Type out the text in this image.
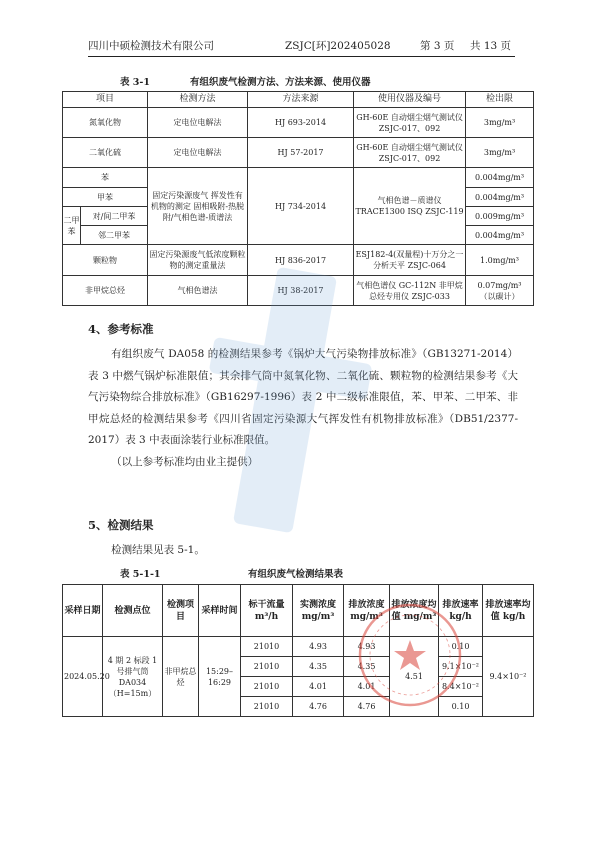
四川中硕检测技术有限公司	ZSJC[环]202405028	第 3 页 共 13 页
表 3-1	有组织废气检测方法、方法来源、使用仪器
项目		检测方法	方法来源	使用仪器及编号	检出限
氮氧化物		定电位电解法	HJ 693-2014	GH-60E 自动烟尘烟气测试仪 ZSJC-017、092	3mg/m³
二氧化硫		定电位电解法	HJ 57-2017	GH-60E 自动烟尘烟气测试仪 ZSJC-017、092	3mg/m³
苯		固定污染源废气 挥发性有机物的测定 固相吸附-热脱附/气相色谱-质谱法	HJ 734-2014	气相色谱－质谱仪 TRACE1300 ISQ ZSJC-119	0.004mg/m³
甲苯					0.004mg/m³
二甲苯	对/间二甲苯				0.009mg/m³
	邻二甲苯				0.004mg/m³
颗粒物		固定污染源废气低浓度颗粒物的测定重量法	HJ 836-2017	ESJ182-4(双量程)十万分之一分析天平 ZSJC-064	1.0mg/m³
非甲烷总烃		气相色谱法	HJ 38-2017	气相色谱仪 GC-112N 非甲烷总烃专用仪 ZSJC-033	0.07mg/m³
（以碳计）
4、参考标准

有组织废气 DA058 的检测结果参考《锅炉大气污染物排放标准》（GB13271-2014）表 3 中燃气锅炉标准限值；其余排气筒中氮氧化物、二氧化硫、颗粒物的检测结果参考《大气污染物综合排放标准》（GB16297-1996）表 2 中二级标准限值，苯、甲苯、二甲苯、非甲烷总烃的检测结果参考《四川省固定污染源大气挥发性有机物排放标准》（DB51/2377-2017）表 3 中表面涂装行业标准限值。

（以上参考标准均由业主提供）

5、检测结果

检测结果见表 5-1。

表 5-1-1	有组织废气检测结果表
采样日期	检测点位	检测项目	采样时间	标干流量 m³/h	实测浓度 mg/m³	排放浓度 mg/m³	排放浓度均值 mg/m³	排放速率 kg/h	排放速率均值 kg/h
2024.05.20	4 期 2 标段 1 号排气筒 DA034（H=15m）	非甲烷总烃	15:29–16:29	21010	4.93	4.93	4.51	0.10	9.4×10⁻²
				21010	4.35	4.35		9.1×10⁻²	
				21010	4.01	4.01		8.4×10⁻²	
				21010	4.76	4.76		0.10	
